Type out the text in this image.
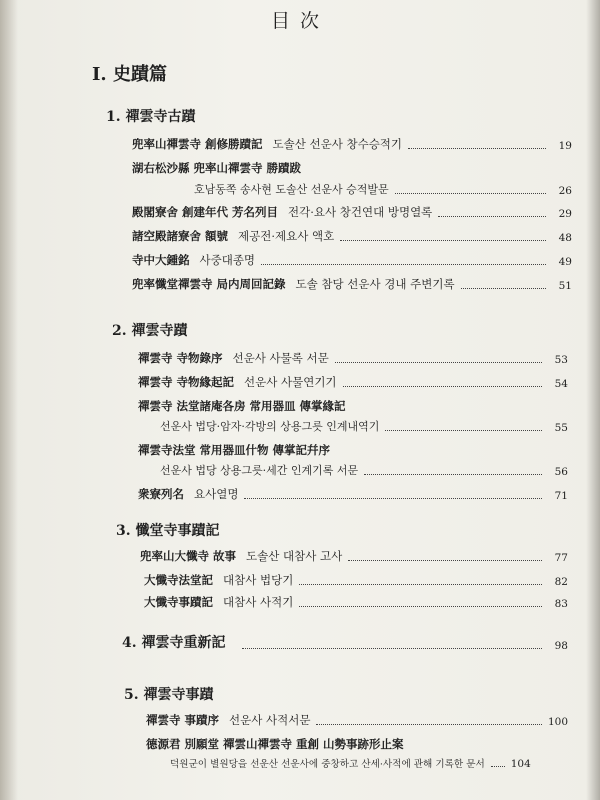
目次
I. 史蹟篇
1. 禪雲寺古蹟
兜率山禪雲寺 創修勝蹟記 도솔산 선운사 창수승적기	19
湖右松沙縣 兜率山禪雲寺 勝蹟跋
호남동쪽 송사현 도솔산 선운사 승적발문	26
殿閣寮舍 創建年代 芳名列目 전각·요사 창건연대 방명열록	29
諸空殿諸寮舍 額號 제공전·제요사 액호	48
寺中大鍾銘 사중대종명	49
兜率懺堂禪雲寺 局内周回記錄 도솔 참당 선운사 경내 주변기록	51
2. 禪雲寺蹟
禪雲寺 寺物錄序 선운사 사물록 서문	53
禪雲寺 寺物緣起記 선운사 사물연기기	54
禪雲寺 法堂諸庵各房 常用器皿 傳掌緣記
선운사 법당·암자·각방의 상용그릇 인계내역기	55
禪雲寺法堂 常用器皿什物 傳掌記幷序
선운사 법당 상용그릇·세간 인계기록 서문	56
衆寮列名 요사열명	71
3. 懺堂寺事蹟記
兜率山大懺寺 故事 도솔산 대참사 고사	77
大懺寺法堂記 대참사 법당기	82
大懺寺事蹟記 대참사 사적기	83
4. 禪雲寺重新記	98
5. 禪雲寺事蹟
禪雲寺 事蹟序 선운사 사적서문	100
德源君 別願堂 禪雲山禪雲寺 重創 山勢事跡形止案
덕원군이 별원당을 선운산 선운사에 중창하고 산세·사적에 관해 기록한 문서 104
